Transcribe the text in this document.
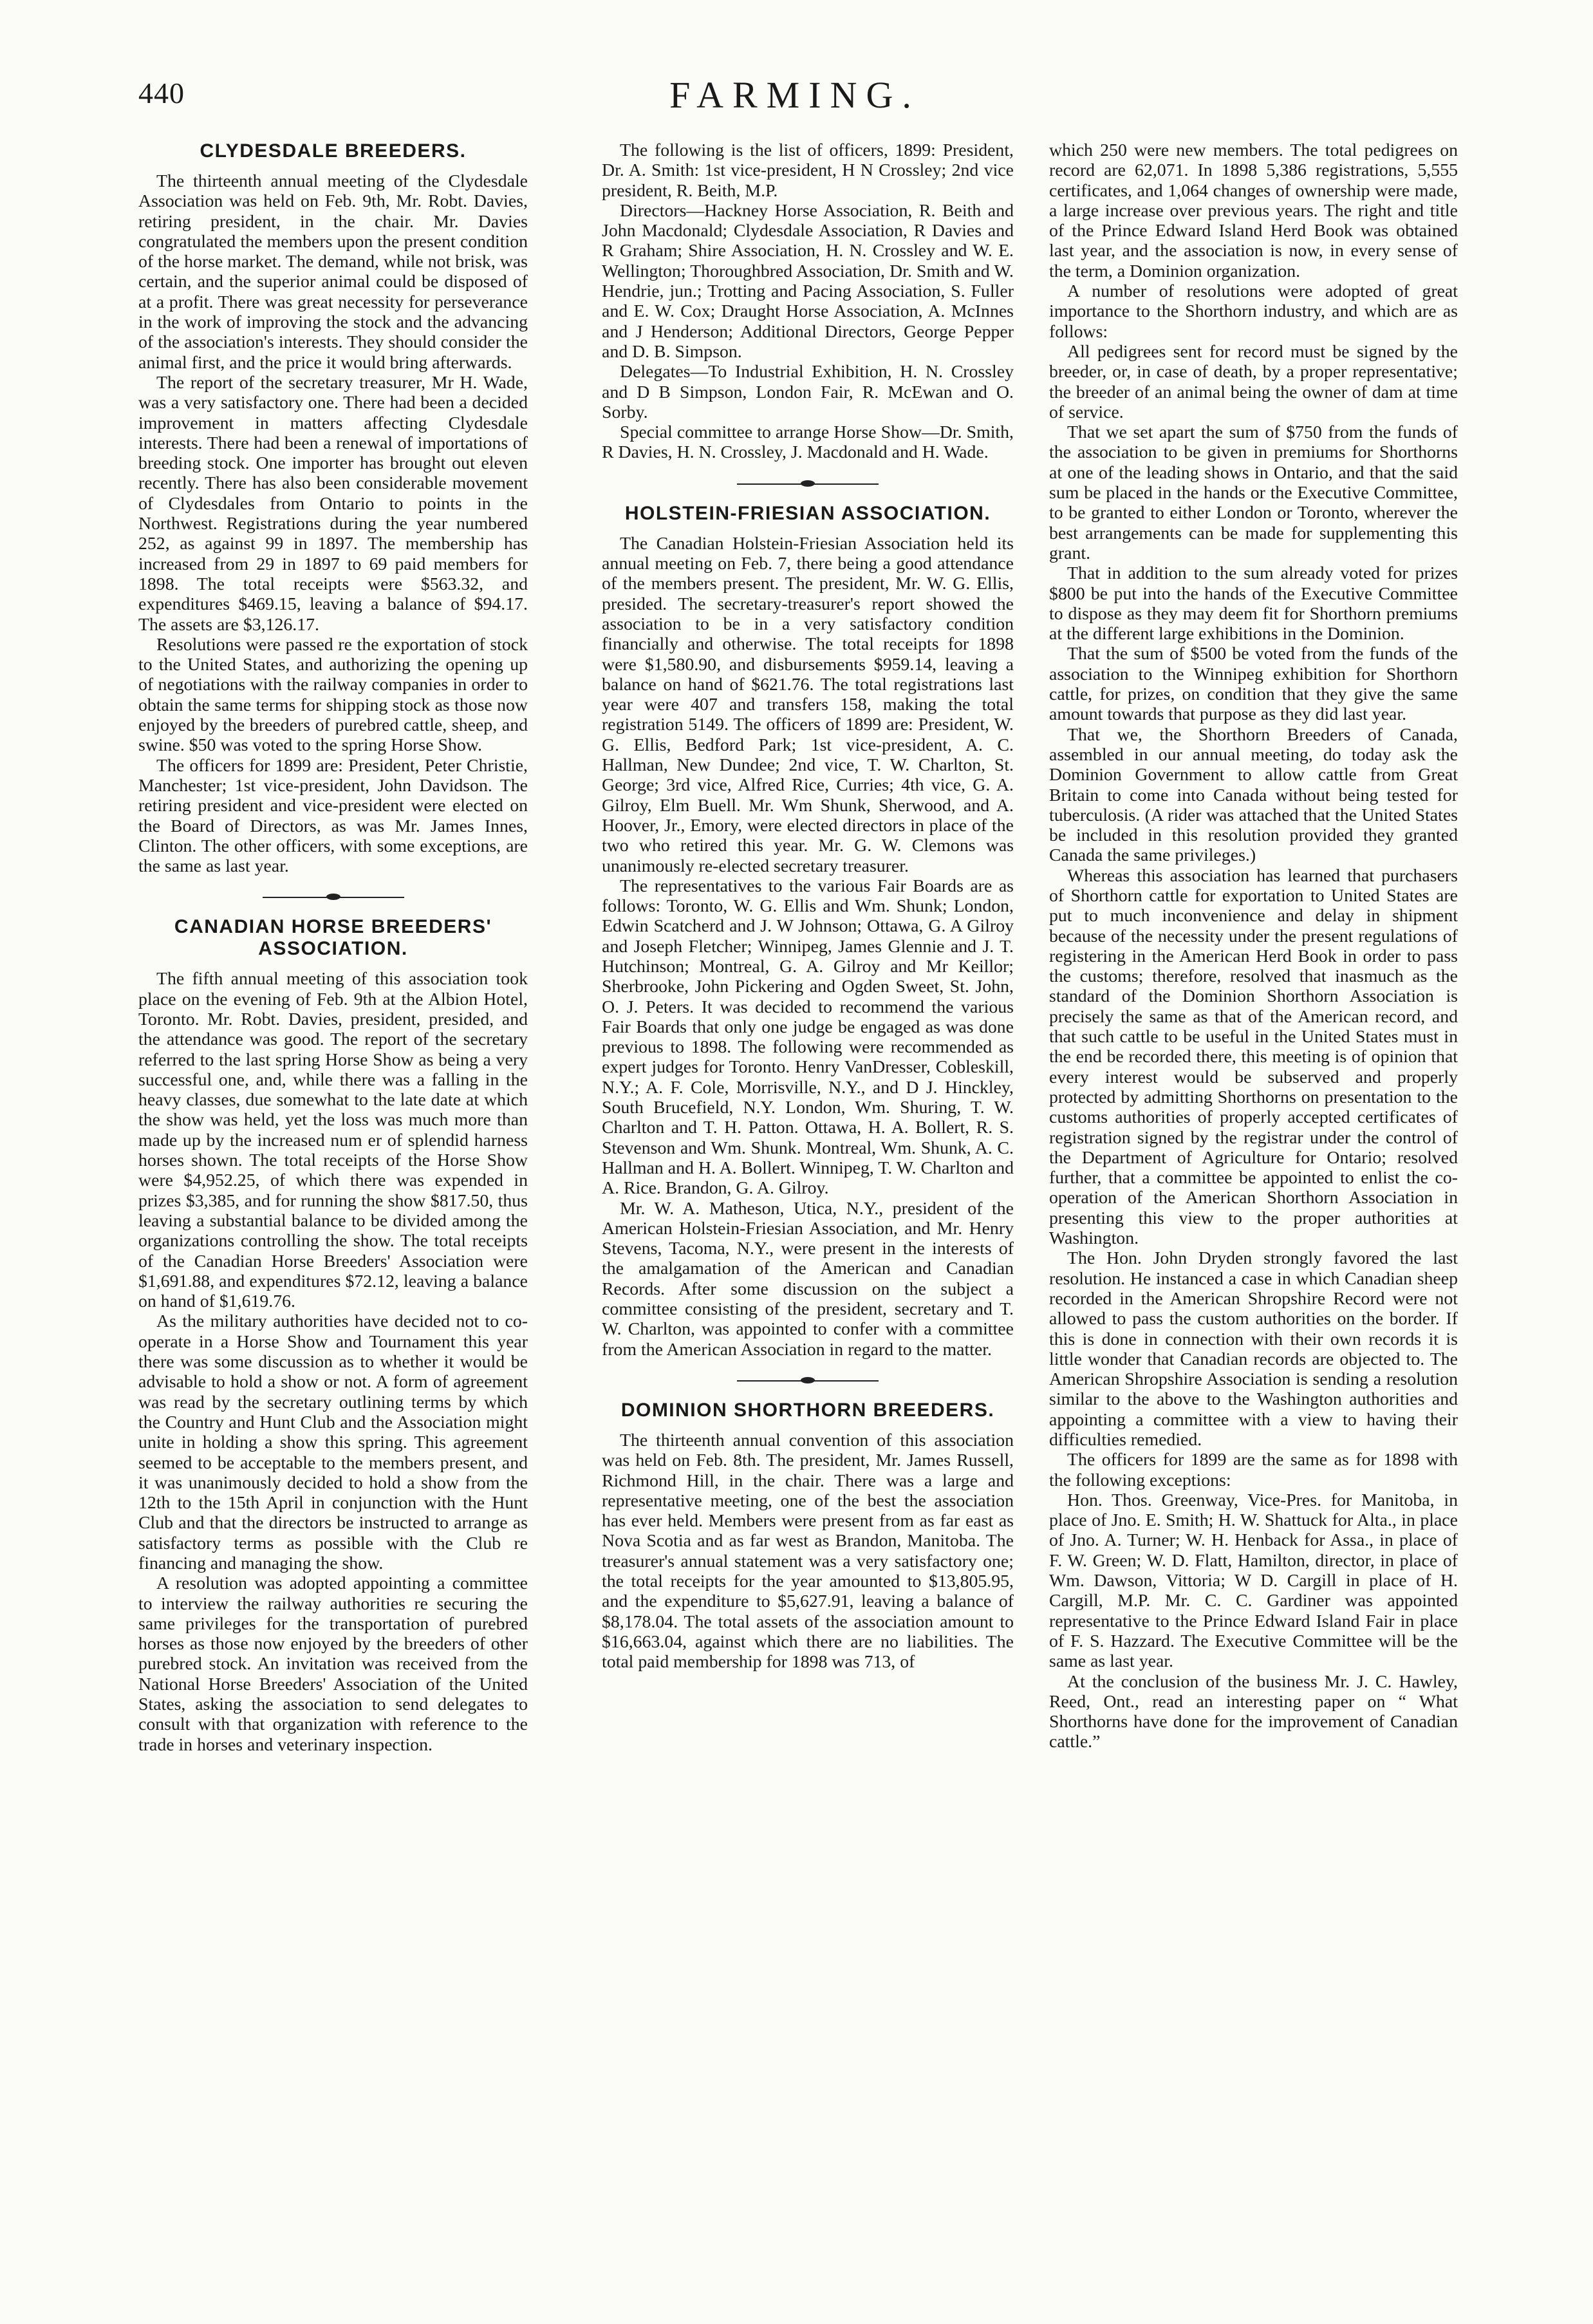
440	FARMING.
CLYDESDALE BREEDERS.

The thirteenth annual meeting of the Clydesdale Association was held on Feb. 9th, Mr. Robt. Davies, retiring president, in the chair. Mr. Davies congratulated the members upon the present condition of the horse market. The demand, while not brisk, was certain, and the superior animal could be disposed of at a profit. There was great necessity for perseverance in the work of improving the stock and the advancing of the association's interests. They should consider the animal first, and the price it would bring afterwards.

The report of the secretary treasurer, Mr H. Wade, was a very satisfactory one. There had been a decided improvement in matters affecting Clydesdale interests. There had been a renewal of importations of breeding stock. One importer has brought out eleven recently. There has also been considerable movement of Clydesdales from Ontario to points in the Northwest. Registrations during the year numbered 252, as against 99 in 1897. The membership has increased from 29 in 1897 to 69 paid members for 1898. The total receipts were $563.32, and expenditures $469.15, leaving a balance of $94.17. The assets are $3,126.17.

Resolutions were passed re the exportation of stock to the United States, and authorizing the opening up of negotiations with the railway companies in order to obtain the same terms for shipping stock as those now enjoyed by the breeders of purebred cattle, sheep, and swine. $50 was voted to the spring Horse Show.

The officers for 1899 are: President, Peter Christie, Manchester; 1st vice-president, John Davidson. The retiring president and vice-president were elected on the Board of Directors, as was Mr. James Innes, Clinton. The other officers, with some exceptions, are the same as last year.

CANADIAN HORSE BREEDERS' ASSOCIATION.

The fifth annual meeting of this association took place on the evening of Feb. 9th at the Albion Hotel, Toronto. Mr. Robt. Davies, president, presided, and the attendance was good. The report of the secretary referred to the last spring Horse Show as being a very successful one, and, while there was a falling in the heavy classes, due somewhat to the late date at which the show was held, yet the loss was much more than made up by the increased num er of splendid harness horses shown. The total receipts of the Horse Show were $4,952.25, of which there was expended in prizes $3,385, and for running the show $817.50, thus leaving a substantial balance to be divided among the organizations controlling the show. The total receipts of the Canadian Horse Breeders' Association were $1,691.88, and expenditures $72.12, leaving a balance on hand of $1,619.76.

As the military authorities have decided not to co-operate in a Horse Show and Tournament this year there was some discussion as to whether it would be advisable to hold a show or not. A form of agreement was read by the secretary outlining terms by which the Country and Hunt Club and the Association might unite in holding a show this spring. This agreement seemed to be acceptable to the members present, and it was unanimously decided to hold a show from the 12th to the 15th April in conjunction with the Hunt Club and that the directors be instructed to arrange as satisfactory terms as possible with the Club re financing and managing the show.

A resolution was adopted appointing a committee to interview the railway authorities re securing the same privileges for the transportation of purebred horses as those now enjoyed by the breeders of other purebred stock. An invitation was received from the National Horse Breeders' Association of the United States, asking the association to send delegates to consult with that organization with reference to the trade in horses and veterinary inspection.

The following is the list of officers, 1899: President, Dr. A. Smith: 1st vice-president, H N Crossley; 2nd vice president, R. Beith, M.P.

Directors—Hackney Horse Association, R. Beith and John Macdonald; Clydesdale Association, R Davies and R Graham; Shire Association, H. N. Crossley and W. E. Wellington; Thoroughbred Association, Dr. Smith and W. Hendrie, jun.; Trotting and Pacing Association, S. Fuller and E. W. Cox; Draught Horse Association, A. McInnes and J Henderson; Additional Directors, George Pepper and D. B. Simpson.

Delegates—To Industrial Exhibition, H. N. Crossley and D B Simpson, London Fair, R. McEwan and O. Sorby.

Special committee to arrange Horse Show—Dr. Smith, R Davies, H. N. Crossley, J. Macdonald and H. Wade.

HOLSTEIN-FRIESIAN ASSOCIATION.

The Canadian Holstein-Friesian Association held its annual meeting on Feb. 7, there being a good attendance of the members present. The president, Mr. W. G. Ellis, presided. The secretary-treasurer's report showed the association to be in a very satisfactory condition financially and otherwise. The total receipts for 1898 were $1,580.90, and disbursements $959.14, leaving a balance on hand of $621.76. The total registrations last year were 407 and transfers 158, making the total registration 5149. The officers of 1899 are: President, W. G. Ellis, Bedford Park; 1st vice-president, A. C. Hallman, New Dundee; 2nd vice, T. W. Charlton, St. George; 3rd vice, Alfred Rice, Curries; 4th vice, G. A. Gilroy, Elm Buell. Mr. Wm Shunk, Sherwood, and A. Hoover, Jr., Emory, were elected directors in place of the two who retired this year. Mr. G. W. Clemons was unanimously re-elected secretary treasurer.

The representatives to the various Fair Boards are as follows: Toronto, W. G. Ellis and Wm. Shunk; London, Edwin Scatcherd and J. W Johnson; Ottawa, G. A Gilroy and Joseph Fletcher; Winnipeg, James Glennie and J. T. Hutchinson; Montreal, G. A. Gilroy and Mr Keillor; Sherbrooke, John Pickering and Ogden Sweet, St. John, O. J. Peters. It was decided to recommend the various Fair Boards that only one judge be engaged as was done previous to 1898. The following were recommended as expert judges for Toronto. Henry VanDresser, Cobleskill, N.Y.; A. F. Cole, Morrisville, N.Y., and D J. Hinckley, South Brucefield, N.Y. London, Wm. Shuring, T. W. Charlton and T. H. Patton. Ottawa, H. A. Bollert, R. S. Stevenson and Wm. Shunk. Montreal, Wm. Shunk, A. C. Hallman and H. A. Bollert. Winnipeg, T. W. Charlton and A. Rice. Brandon, G. A. Gilroy.

Mr. W. A. Matheson, Utica, N.Y., president of the American Holstein-Friesian Association, and Mr. Henry Stevens, Tacoma, N.Y., were present in the interests of the amalgamation of the American and Canadian Records. After some discussion on the subject a committee consisting of the president, secretary and T. W. Charlton, was appointed to confer with a committee from the American Association in regard to the matter.

DOMINION SHORTHORN BREEDERS.

The thirteenth annual convention of this association was held on Feb. 8th. The president, Mr. James Russell, Richmond Hill, in the chair. There was a large and representative meeting, one of the best the association has ever held. Members were present from as far east as Nova Scotia and as far west as Brandon, Manitoba. The treasurer's annual statement was a very satisfactory one; the total receipts for the year amounted to $13,805.95, and the expenditure to $5,627.91, leaving a balance of $8,178.04. The total assets of the association amount to $16,663.04, against which there are no liabilities. The total paid membership for 1898 was 713, of

which 250 were new members. The total pedigrees on record are 62,071. In 1898 5,386 registrations, 5,555 certificates, and 1,064 changes of ownership were made, a large increase over previous years. The right and title of the Prince Edward Island Herd Book was obtained last year, and the association is now, in every sense of the term, a Dominion organization.

A number of resolutions were adopted of great importance to the Shorthorn industry, and which are as follows:

All pedigrees sent for record must be signed by the breeder, or, in case of death, by a proper representative; the breeder of an animal being the owner of dam at time of service.

That we set apart the sum of $750 from the funds of the association to be given in premiums for Shorthorns at one of the leading shows in Ontario, and that the said sum be placed in the hands or the Executive Committee, to be granted to either London or Toronto, wherever the best arrangements can be made for supplementing this grant.

That in addition to the sum already voted for prizes $800 be put into the hands of the Executive Committee to dispose as they may deem fit for Shorthorn premiums at the different large exhibitions in the Dominion.

That the sum of $500 be voted from the funds of the association to the Winnipeg exhibition for Shorthorn cattle, for prizes, on condition that they give the same amount towards that purpose as they did last year.

That we, the Shorthorn Breeders of Canada, assembled in our annual meeting, do today ask the Dominion Government to allow cattle from Great Britain to come into Canada without being tested for tuberculosis. (A rider was attached that the United States be included in this resolution provided they granted Canada the same privileges.)

Whereas this association has learned that purchasers of Shorthorn cattle for exportation to United States are put to much inconvenience and delay in shipment because of the necessity under the present regulations of registering in the American Herd Book in order to pass the customs; therefore, resolved that inasmuch as the standard of the Dominion Shorthorn Association is precisely the same as that of the American record, and that such cattle to be useful in the United States must in the end be recorded there, this meeting is of opinion that every interest would be subserved and properly protected by admitting Shorthorns on presentation to the customs authorities of properly accepted certificates of registration signed by the registrar under the control of the Department of Agriculture for Ontario; resolved further, that a committee be appointed to enlist the co-operation of the American Shorthorn Association in presenting this view to the proper authorities at Washington.

The Hon. John Dryden strongly favored the last resolution. He instanced a case in which Canadian sheep recorded in the American Shropshire Record were not allowed to pass the custom authorities on the border. If this is done in connection with their own records it is little wonder that Canadian records are objected to. The American Shropshire Association is sending a resolution similar to the above to the Washington authorities and appointing a committee with a view to having their difficulties remedied.

The officers for 1899 are the same as for 1898 with the following exceptions:

Hon. Thos. Greenway, Vice-Pres. for Manitoba, in place of Jno. E. Smith; H. W. Shattuck for Alta., in place of Jno. A. Turner; W. H. Henback for Assa., in place of F. W. Green; W. D. Flatt, Hamilton, director, in place of Wm. Dawson, Vittoria; W D. Cargill in place of H. Cargill, M.P. Mr. C. C. Gardiner was appointed representative to the Prince Edward Island Fair in place of F. S. Hazzard. The Executive Committee will be the same as last year.

At the conclusion of the business Mr. J. C. Hawley, Reed, Ont., read an interesting paper on “ What Shorthorns have done for the improvement of Canadian cattle.”
